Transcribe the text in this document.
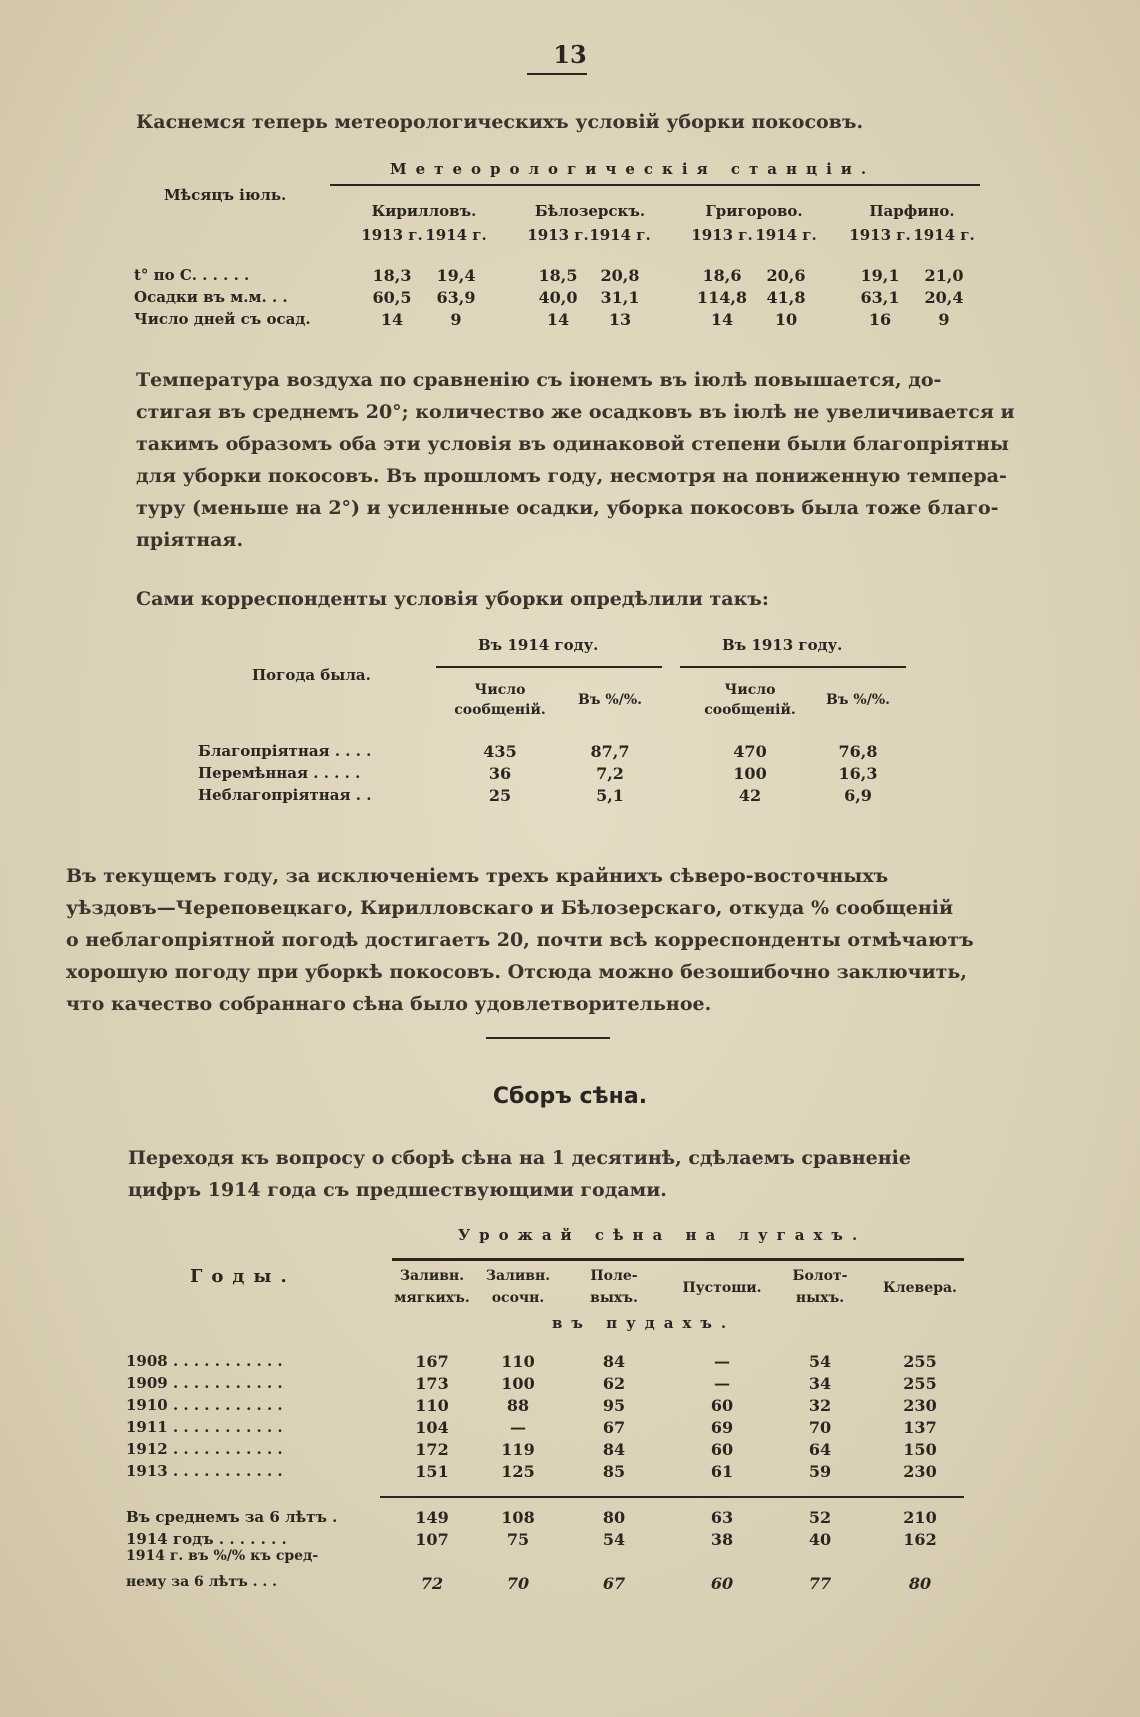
13
Каснемся теперь метеорологическихъ условій уборки покосовъ.
Метеорологическія станціи.
Мѣсяцъ іюль.
Кирилловъ.	Бѣлозерскъ.	Григорово.	Парфино.
1913 г. 1914 г.	1913 г. 1914 г.	1913 г. 1914 г.	1913 г. 1914 г.
t° по С. . . . . .	18,3	19,4	18,5	20,8	18,6	20,6	19,1	21,0
Осадки въ м.м. . .	60,5	63,9	40,0	31,1	114,8	41,8	63,1	20,4
Число дней съ осад.	14	9	14	13	14	10	16	9
Температура воздуха по сравненію съ іюнемъ въ іюлѣ повышается, до-
стигая въ среднемъ 20°; количество же осадковъ въ іюлѣ не увеличивается и
такимъ образомъ оба эти условія въ одинаковой степени были благопріятны
для уборки покосовъ. Въ прошломъ году, несмотря на пониженную темпера-
туру (меньше на 2°) и усиленные осадки, уборка покосовъ была тоже благо-
пріятная.
Сами корреспонденты условія уборки опредѣлили такъ:
Погода была.
Въ 1914 году.	Въ 1913 году.
Число
сообщеній.
Число
сообщеній.
Въ %/%.	Въ %/%.
Благопріятная . . . .	435	87,7	470	76,8
Перемѣнная . . . . .	36	7,2	100	16,3
Неблагопріятная . .	25	5,1	42	6,9
Въ текущемъ году, за исключеніемъ трехъ крайнихъ сѣверо-восточныхъ
уѣздовъ—Череповецкаго, Кирилловскаго и Бѣлозерскаго, откуда % сообщеній
о неблагопріятной погодѣ достигаетъ 20, почти всѣ корреспонденты отмѣчаютъ
хорошую погоду при уборкѣ покосовъ. Отсюда можно безошибочно заключить,
что качество собраннаго сѣна было удовлетворительное.
Сборъ сѣна.
Переходя къ вопросу о сборѣ сѣна на 1 десятинѣ, сдѣлаемъ сравненіе
цифръ 1914 года съ предшествующими годами.
Урожай сѣна на лугахъ.
Годы.	Заливн.
мягкихъ.
Заливн.
осочн.
Поле-
выхъ.
Пустоши.
Болот-
ныхъ.
Клевера.
въ пудахъ.
1908 . . . . . . . . . . .	167	110	84	—	54	255
1909 . . . . . . . . . . .	173	100	62	—	34	255
1910 . . . . . . . . . . .	110	88	95	60	32	230
1911 . . . . . . . . . . .	104	—	67	69	70	137
1912 . . . . . . . . . . .	172	119	84	60	64	150
1913 . . . . . . . . . . .	151	125	85	61	59	230
Въ среднемъ за 6 лѣтъ .	149	108	80	63	52	210
1914 годъ . . . . . . .	107	75	54	38	40	162
1914 г. въ %/% къ сред-
нему за 6 лѣтъ . . .	72	70	67	60	77	80
